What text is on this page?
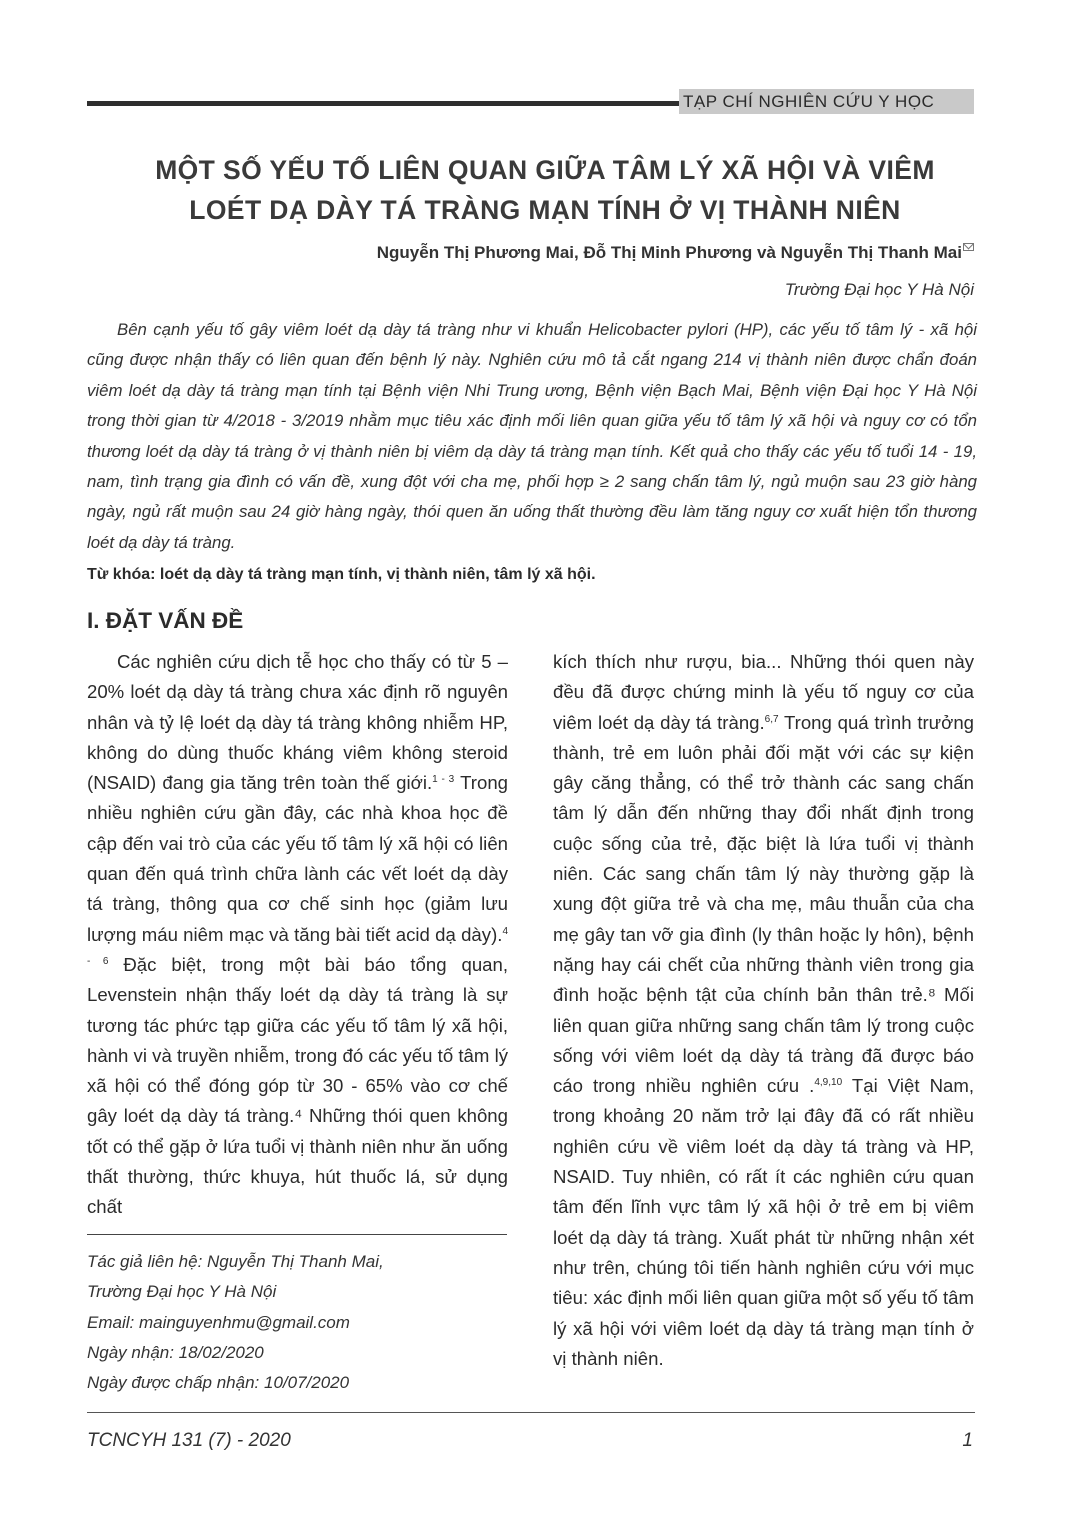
TẠP CHÍ NGHIÊN CỨU Y HỌC
MỘT SỐ YẾU TỐ LIÊN QUAN GIỮA TÂM LÝ XÃ HỘI VÀ VIÊM
LOÉT DẠ DÀY TÁ TRÀNG MẠN TÍNH Ở VỊ THÀNH NIÊN
Nguyễn Thị Phương Mai, Đỗ Thị Minh Phương và Nguyễn Thị Thanh Mai
Trường Đại học Y Hà Nội

Bên cạnh yếu tố gây viêm loét dạ dày tá tràng như vi khuẩn Helicobacter pylori (HP), các yếu tố tâm lý - xã hội cũng được nhận thấy có liên quan đến bệnh lý này. Nghiên cứu mô tả cắt ngang 214 vị thành niên được chẩn đoán viêm loét dạ dày tá tràng mạn tính tại Bệnh viện Nhi Trung ương, Bệnh viện Bạch Mai, Bệnh viện Đại học Y Hà Nội trong thời gian từ 4/2018 - 3/2019 nhằm mục tiêu xác định mối liên quan giữa yếu tố tâm lý xã hội và nguy cơ có tổn thương loét dạ dày tá tràng ở vị thành niên bị viêm dạ dày tá tràng mạn tính. Kết quả cho thấy các yếu tố tuổi 14 - 19, nam, tình trạng gia đình có vấn đề, xung đột với cha mẹ, phối hợp ≥ 2 sang chấn tâm lý, ngủ muộn sau 23 giờ hàng ngày, ngủ rất muộn sau 24 giờ hàng ngày, thói quen ăn uống thất thường đều làm tăng nguy cơ xuất hiện tổn thương loét dạ dày tá tràng.

Từ khóa: loét dạ dày tá tràng mạn tính, vị thành niên, tâm lý xã hội.
I. ĐẶT VẤN ĐỀ

Các nghiên cứu dịch tễ học cho thấy có từ 5 – 20% loét dạ dày tá tràng chưa xác định rõ nguyên nhân và tỷ lệ loét dạ dày tá tràng không nhiễm HP, không do dùng thuốc kháng viêm không steroid (NSAID) đang gia tăng trên toàn thế giới.$^{1 - 3}$ Trong nhiều nghiên cứu gần đây, các nhà khoa học đề cập đến vai trò của các yếu tố tâm lý xã hội có liên quan đến quá trình chữa lành các vết loét dạ dày tá tràng, thông qua cơ chế sinh học (giảm lưu lượng máu niêm mạc và tăng bài tiết acid dạ dày).$^{4 - 6}$ Đặc biệt, trong một bài báo tổng quan, Levenstein nhận thấy loét dạ dày tá tràng là sự tương tác phức tạp giữa các yếu tố tâm lý xã hội, hành vi và truyền nhiễm, trong đó các yếu tố tâm lý xã hội có thể đóng góp từ 30 - 65% vào cơ chế gây loét dạ dày tá tràng.⁴ Những thói quen không tốt có thể gặp ở lứa tuổi vị thành niên như ăn uống thất thường, thức khuya, hút thuốc lá, sử dụng chất

kích thích như rượu, bia... Những thói quen này đều đã được chứng minh là yếu tố nguy cơ của viêm loét dạ dày tá tràng.$^{6,7}$ Trong quá trình trưởng thành, trẻ em luôn phải đối mặt với các sự kiện gây căng thẳng, có thể trở thành các sang chấn tâm lý dẫn đến những thay đổi nhất định trong cuộc sống của trẻ, đặc biệt là lứa tuổi vị thành niên. Các sang chấn tâm lý này thường gặp là xung đột giữa trẻ và cha mẹ, mâu thuẫn của cha mẹ gây tan vỡ gia đình (ly thân hoặc ly hôn), bệnh nặng hay cái chết của những thành viên trong gia đình hoặc bệnh tật của chính bản thân trẻ.⁸ Mối liên quan giữa những sang chấn tâm lý trong cuộc sống với viêm loét dạ dày tá tràng đã được báo cáo trong nhiều nghiên cứu .$^{4,9,10}$ Tại Việt Nam, trong khoảng 20 năm trở lại đây đã có rất nhiều nghiên cứu về viêm loét dạ dày tá tràng và HP, NSAID. Tuy nhiên, có rất ít các nghiên cứu quan tâm đến lĩnh vực tâm lý xã hội ở trẻ em bị viêm loét dạ dày tá tràng. Xuất phát từ những nhận xét như trên, chúng tôi tiến hành nghiên cứu với mục tiêu: xác định mối liên quan giữa một số yếu tố tâm lý xã hội với viêm loét dạ dày tá tràng mạn tính ở vị thành niên.

Tác giả liên hệ: Nguyễn Thị Thanh Mai,
Trường Đại học Y Hà Nội
Email: mainguyenhmu@gmail.com
Ngày nhận: 18/02/2020
Ngày được chấp nhận: 10/07/2020
TCNCYH 131 (7) - 2020	1
